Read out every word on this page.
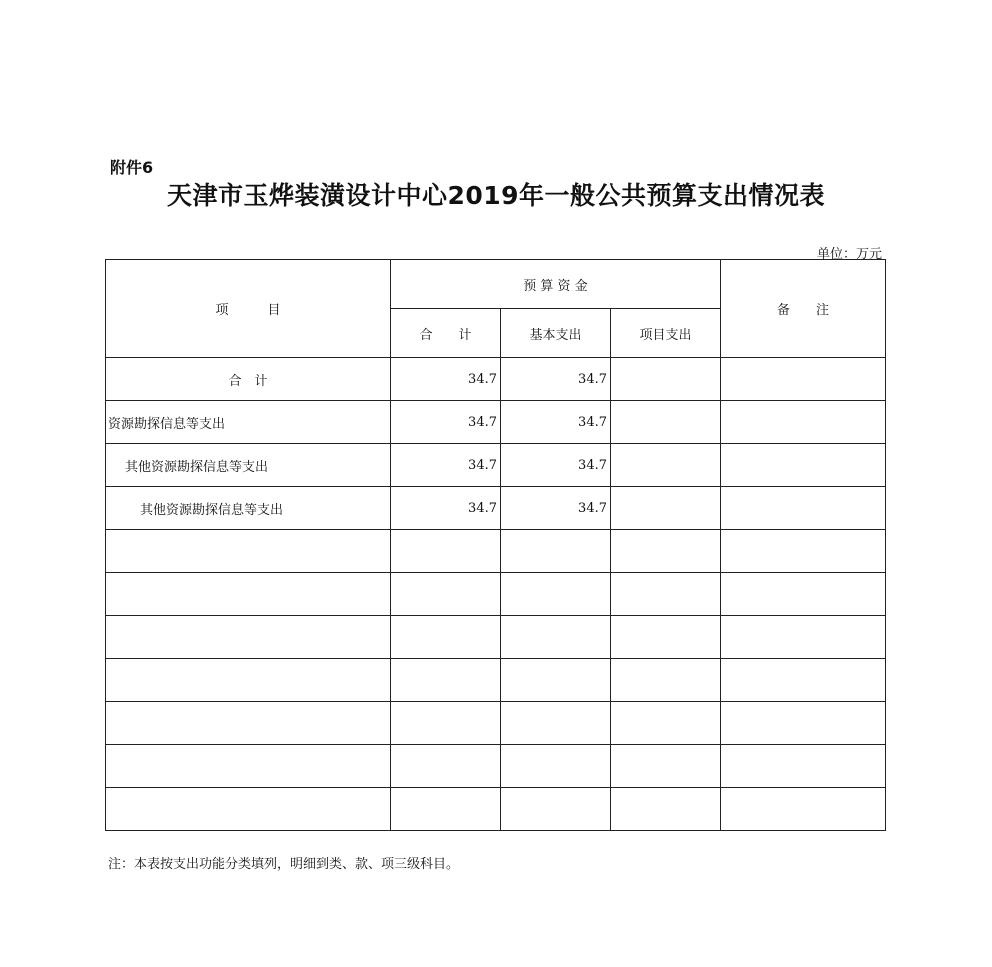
附件6
天津市玉烨装潢设计中心2019年一般公共预算支出情况表
单位：万元
项　　　目	预 算 资 金			备　　注
	合　　计	基本支出	项目支出	
合　计	34.7	34.7		
资源勘探信息等支出	34.7	34.7		
其他资源勘探信息等支出	34.7	34.7		
其他资源勘探信息等支出	34.7	34.7		

注：本表按支出功能分类填列，明细到类、款、项三级科目。
